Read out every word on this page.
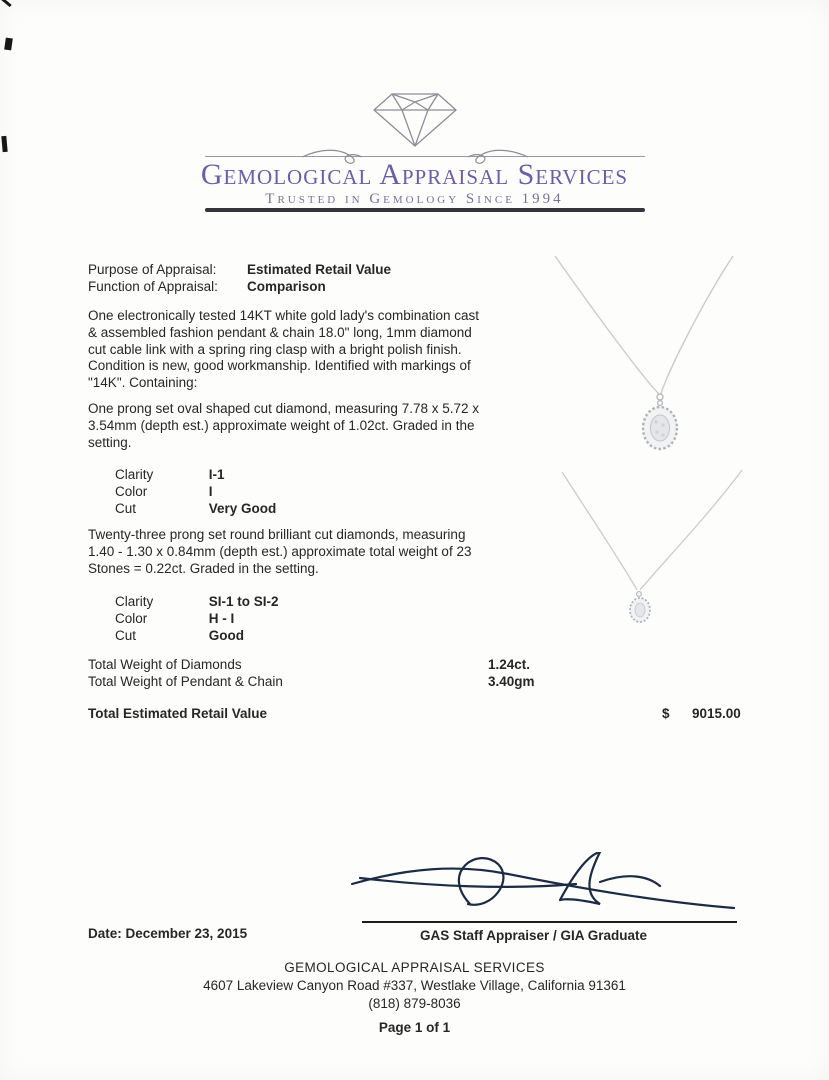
Gemological Appraisal Services
Trusted in Gemology Since 1994
Purpose of Appraisal: Estimated Retail Value
Function of Appraisal: Comparison
One electronically tested 14KT white gold lady's combination cast & assembled fashion pendant & chain 18.0" long, 1mm diamond cut cable link with a spring ring clasp with a bright polish finish. Condition is new, good workmanship. Identified with markings of "14K". Containing:
One prong set oval shaped cut diamond, measuring 7.78 x 5.72 x 3.54mm (depth est.) approximate weight of 1.02ct. Graded in the setting.
Clarity	I-1
Color	I
Cut	Very Good
Twenty-three prong set round brilliant cut diamonds, measuring 1.40 - 1.30 x 0.84mm (depth est.) approximate total weight of 23 Stones = 0.22ct. Graded in the setting.
Clarity	SI-1 to SI-2
Color	H - I
Cut	Good
Total Weight of Diamonds	1.24ct.
Total Weight of Pendant & Chain	3.40gm
Total Estimated Retail Value	$ 9015.00
Date: December 23, 2015	GAS Staff Appraiser / GIA Graduate
GEMOLOGICAL APPRAISAL SERVICES
4607 Lakeview Canyon Road #337, Westlake Village, California 91361
(818) 879-8036
Page 1 of 1
